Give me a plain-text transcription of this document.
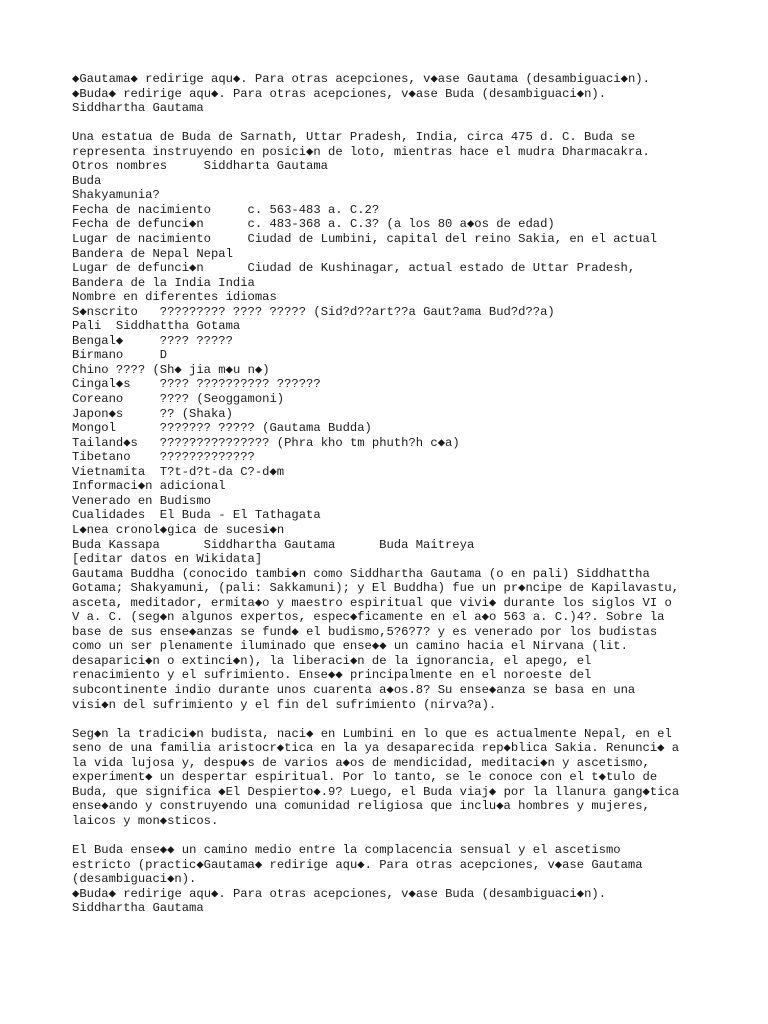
◆Gautama◆ redirige aqu◆. Para otras acepciones, v◆ase Gautama (desambiguaci◆n).
◆Buda◆ redirige aqu◆. Para otras acepciones, v◆ase Buda (desambiguaci◆n).
Siddhartha Gautama
Una estatua de Buda de Sarnath, Uttar Pradesh, India, circa 475 d. C. Buda se
representa instruyendo en posici◆n de loto, mientras hace el mudra Dharmacakra.
Otros nombres     Siddharta Gautama
Buda
Shakyamunia?
Fecha de nacimiento     c. 563-483 a. C.2?
Fecha de defunci◆n      c. 483-368 a. C.3? (a los 80 a◆os de edad)
Lugar de nacimiento     Ciudad de Lumbini, capital del reino Sakia, en el actual
Bandera de Nepal Nepal
Lugar de defunci◆n      Ciudad de Kushinagar, actual estado de Uttar Pradesh,
Bandera de la India India
Nombre en diferentes idiomas
S◆nscrito   ????????? ???? ????? (Sid?d??art??a Gaut?ama Bud?d??a)
Pali  Siddhattha Gotama
Bengal◆     ???? ?????
Birmano     D
Chino ???? (Sh◆ jia m◆u n◆)
Cingal◆s    ???? ?????????? ??????
Coreano     ???? (Seoggamoni)
Japon◆s     ?? (Shaka)
Mongol      ??????? ????? (Gautama Budda)
Tailand◆s   ??????????????? (Phra kho tm phuth?h c◆a)
Tibetano    ?????????????
Vietnamita  T?t-d?t-da C?-d◆m
Informaci◆n adicional
Venerado en Budismo
Cualidades  El Buda - El Tathagata
L◆nea cronol◆gica de sucesi◆n
Buda Kassapa      Siddhartha Gautama      Buda Maitreya
[editar datos en Wikidata]
Gautama Buddha (conocido tambi◆n como Siddhartha Gautama (o en pali) Siddhattha
Gotama; Shakyamuni, (pali: Sakkamuni); y El Buddha) fue un pr◆ncipe de Kapilavastu,
asceta, meditador, ermita◆o y maestro espiritual que vivi◆ durante los siglos VI o
V a. C. (seg◆n algunos expertos, espec◆ficamente en el a◆o 563 a. C.)4?. Sobre la
base de sus ense◆anzas se fund◆ el budismo,5?6?7? y es venerado por los budistas
como un ser plenamente iluminado que ense◆◆ un camino hacia el Nirvana (lit.
desaparici◆n o extinci◆n), la liberaci◆n de la ignorancia, el apego, el
renacimiento y el sufrimiento. Ense◆◆ principalmente en el noroeste del
subcontinente indio durante unos cuarenta a◆os.8? Su ense◆anza se basa en una
visi◆n del sufrimiento y el fin del sufrimiento (nirva?a).
Seg◆n la tradici◆n budista, naci◆ en Lumbini en lo que es actualmente Nepal, en el
seno de una familia aristocr◆tica en la ya desaparecida rep◆blica Sakia. Renunci◆ a
la vida lujosa y, despu◆s de varios a◆os de mendicidad, meditaci◆n y ascetismo,
experiment◆ un despertar espiritual. Por lo tanto, se le conoce con el t◆tulo de
Buda, que significa ◆El Despierto◆.9? Luego, el Buda viaj◆ por la llanura gang◆tica
ense◆ando y construyendo una comunidad religiosa que inclu◆a hombres y mujeres,
laicos y mon◆sticos.
El Buda ense◆◆ un camino medio entre la complacencia sensual y el ascetismo
estricto (practic◆Gautama◆ redirige aqu◆. Para otras acepciones, v◆ase Gautama
(desambiguaci◆n).
◆Buda◆ redirige aqu◆. Para otras acepciones, v◆ase Buda (desambiguaci◆n).
Siddhartha Gautama
